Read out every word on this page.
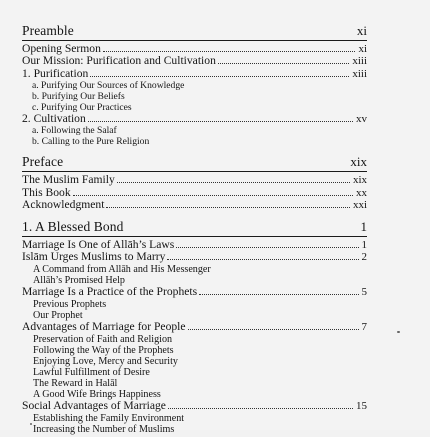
Preamble	xi
Opening Sermon	xi
Our Mission: Purification and Cultivation	xiii
1. Purification	xiii
a. Purifying Our Sources of Knowledge
b. Purifying Our Beliefs
c. Purifying Our Practices
2. Cultivation	xv
a. Following the Salaf
b. Calling to the Pure Religion
Preface	xix
The Muslim Family	xix
This Book	xx
Acknowledgment	xxi
1. A Blessed Bond	1
Marriage Is One of Allāh’s Laws	1
Islām Urges Muslims to Marry	2
A Command from Allāh and His Messenger
Allāh’s Promised Help
Marriage Is a Practice of the Prophets	5
Previous Prophets
Our Prophet
Advantages of Marriage for People	7
Preservation of Faith and Religion
Following the Way of the Prophets
Enjoying Love, Mercy and Security
Lawful Fulfillment of Desire
The Reward in Halāl
A Good Wife Brings Happiness
Social Advantages of Marriage	15
Establishing the Family Environment
Increasing the Number of Muslims
